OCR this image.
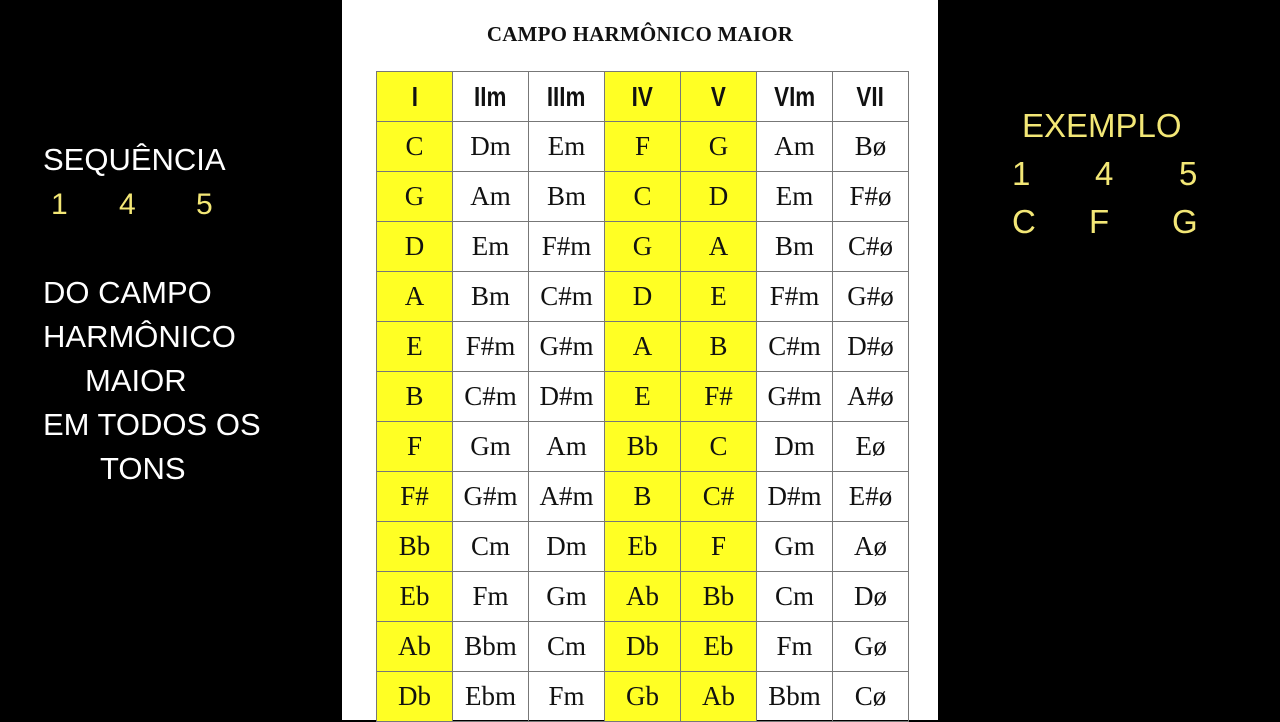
SEQUÊNCIA
1 4 5
DO CAMPO
HARMÔNICO
MAIOR
EM TODOS OS
TONS
CAMPO HARMÔNICO MAIOR
I	IIm	IIIm	IV	V	VIm	VII
C	Dm	Em	F	G	Am	Bø
G	Am	Bm	C	D	Em	F#ø
D	Em	F#m	G	A	Bm	C#ø
A	Bm	C#m	D	E	F#m	G#ø
E	F#m	G#m	A	B	C#m	D#ø
B	C#m	D#m	E	F#	G#m	A#ø
F	Gm	Am	Bb	C	Dm	Eø
F#	G#m	A#m	B	C#	D#m	E#ø
Bb	Cm	Dm	Eb	F	Gm	Aø
Eb	Fm	Gm	Ab	Bb	Cm	Dø
Ab	Bbm	Cm	Db	Eb	Fm	Gø
Db	Ebm	Fm	Gb	Ab	Bbm	Cø
EXEMPLO
1 4 5
C F G
